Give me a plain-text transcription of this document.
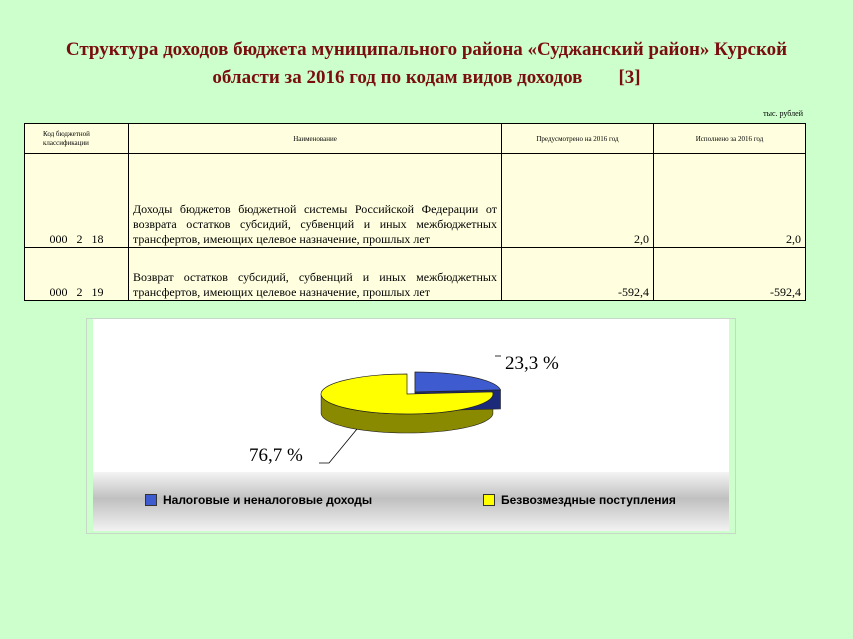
Структура доходов бюджета муниципального района «Суджанский район» Курской
области за 2016 год по кодам видов доходов [3]
тыс. рублей
Код бюджетной классификации	Наименование	Предусмотрено на 2016 год	Исполнено за 2016 год
000 2 18	Доходы бюджетов бюджетной системы Российской Федерации от возврата остатков субсидий, субвенций и иных межбюджетных трансфертов, имеющих целевое назначение, прошлых лет	2,0	2,0
000 2 19	Возврат остатков субсидий, субвенций и иных межбюджетных трансфертов, имеющих целевое назначение, прошлых лет	-592,4	-592,4
23,3 %
76,7 %
Налоговые и неналоговые доходы	Безвозмездные поступления
